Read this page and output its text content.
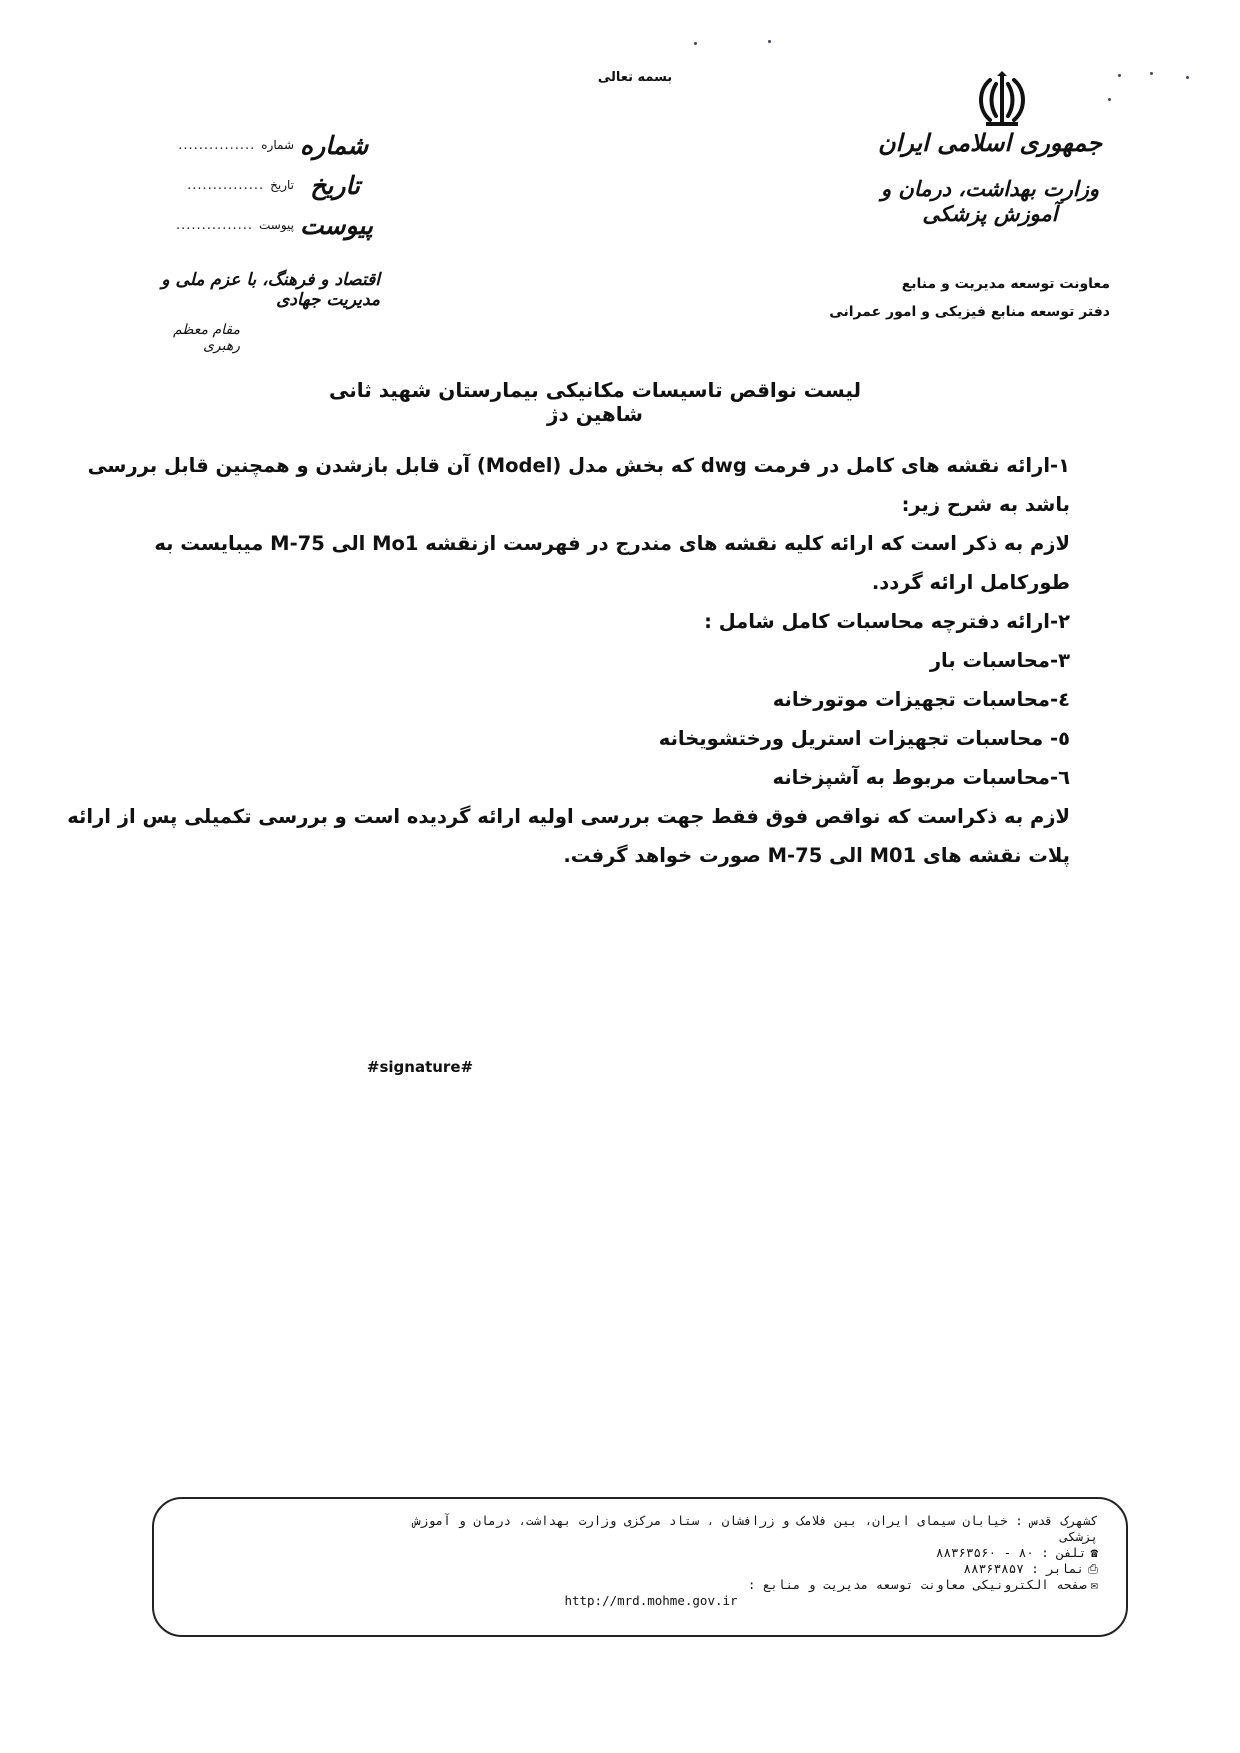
بسمه تعالی
جمهوری اسلامی ایران
وزارت بهداشت، درمان و آموزش پزشکی
معاونت توسعه مدیریت و منابع
دفتر توسعه منابع فیزیکی و امور عمرانی
شماره
شماره
...............
تاریخ
تاریخ
...............
پیوست
پیوست
...............
اقتصاد و فرهنگ، با عزم ملی و مدیریت جهادی
مقام معظم رهبری
لیست نواقص تاسیسات مکانیکی بیمارستان شهید ثانی شاهین دژ
۱-ارائه نقشه های کامل در فرمت dwg که بخش مدل (Model) آن قابل بازشدن و همچنین قابل بررسی
باشد به شرح زیر:
لازم به ذکر است که ارائه کلیه نقشه های مندرج در فهرست ازنقشه Mo1 الی M-75 میبایست به
طورکامل ارائه گردد.
۲-ارائه دفترچه محاسبات کامل شامل :
۳-محاسبات بار
٤-محاسبات تجهیزات موتورخانه
٥- محاسبات تجهیزات استریل ورختشویخانه
٦-محاسبات مربوط به آشپزخانه
لازم به ذکراست که نواقص فوق فقط جهت بررسی اولیه ارائه گردیده است و بررسی تکمیلی پس از ارائه
پلات نقشه های M01 الی M-75 صورت خواهد گرفت.
#signature#
کشهرک قدس : خیابان سیمای ایران، بین فلامک و زرافشان ، ستاد مرکزی وزارت بهداشت، درمان و آموزش
پزشکی
☎تلفن : ۸۰ - ۸۸۳۶۳۵۶۰
⎙نمابر : ۸۸۳۶۳۸۵۷
✉صفحه الکترونیکی معاونت توسعه مدیریت و منابع :
http://mrd.mohme.gov.ir
